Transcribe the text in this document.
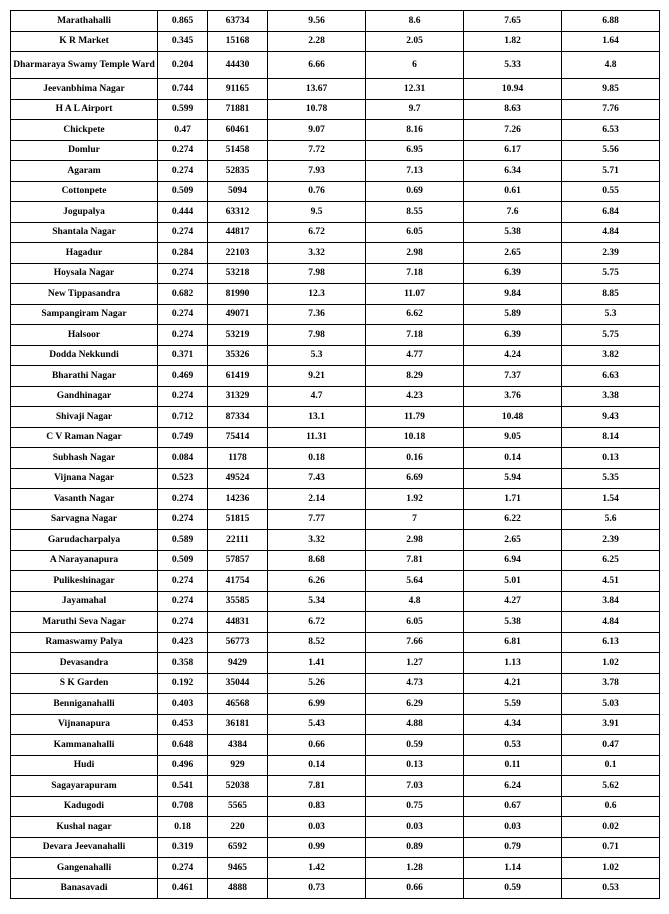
Marathahalli	0.865	63734	9.56	8.6	7.65	6.88
K R Market	0.345	15168	2.28	2.05	1.82	1.64
Dharmaraya Swamy Temple Ward	0.204	44430	6.66	6	5.33	4.8
Jeevanbhima Nagar	0.744	91165	13.67	12.31	10.94	9.85
H A L Airport	0.599	71881	10.78	9.7	8.63	7.76
Chickpete	0.47	60461	9.07	8.16	7.26	6.53
Domlur	0.274	51458	7.72	6.95	6.17	5.56
Agaram	0.274	52835	7.93	7.13	6.34	5.71
Cottonpete	0.509	5094	0.76	0.69	0.61	0.55
Jogupalya	0.444	63312	9.5	8.55	7.6	6.84
Shantala Nagar	0.274	44817	6.72	6.05	5.38	4.84
Hagadur	0.284	22103	3.32	2.98	2.65	2.39
Hoysala Nagar	0.274	53218	7.98	7.18	6.39	5.75
New Tippasandra	0.682	81990	12.3	11.07	9.84	8.85
Sampangiram Nagar	0.274	49071	7.36	6.62	5.89	5.3
Halsoor	0.274	53219	7.98	7.18	6.39	5.75
Dodda Nekkundi	0.371	35326	5.3	4.77	4.24	3.82
Bharathi Nagar	0.469	61419	9.21	8.29	7.37	6.63
Gandhinagar	0.274	31329	4.7	4.23	3.76	3.38
Shivaji Nagar	0.712	87334	13.1	11.79	10.48	9.43
C V Raman Nagar	0.749	75414	11.31	10.18	9.05	8.14
Subhash Nagar	0.084	1178	0.18	0.16	0.14	0.13
Vijnana Nagar	0.523	49524	7.43	6.69	5.94	5.35
Vasanth Nagar	0.274	14236	2.14	1.92	1.71	1.54
Sarvagna Nagar	0.274	51815	7.77	7	6.22	5.6
Garudacharpalya	0.589	22111	3.32	2.98	2.65	2.39
A Narayanapura	0.509	57857	8.68	7.81	6.94	6.25
Pulikeshinagar	0.274	41754	6.26	5.64	5.01	4.51
Jayamahal	0.274	35585	5.34	4.8	4.27	3.84
Maruthi Seva Nagar	0.274	44831	6.72	6.05	5.38	4.84
Ramaswamy Palya	0.423	56773	8.52	7.66	6.81	6.13
Devasandra	0.358	9429	1.41	1.27	1.13	1.02
S K Garden	0.192	35044	5.26	4.73	4.21	3.78
Benniganahalli	0.403	46568	6.99	6.29	5.59	5.03
Vijnanapura	0.453	36181	5.43	4.88	4.34	3.91
Kammanahalli	0.648	4384	0.66	0.59	0.53	0.47
Hudi	0.496	929	0.14	0.13	0.11	0.1
Sagayarapuram	0.541	52038	7.81	7.03	6.24	5.62
Kadugodi	0.708	5565	0.83	0.75	0.67	0.6
Kushal nagar	0.18	220	0.03	0.03	0.03	0.02
Devara Jeevanahalli	0.319	6592	0.99	0.89	0.79	0.71
Gangenahalli	0.274	9465	1.42	1.28	1.14	1.02
Banasavadi	0.461	4888	0.73	0.66	0.59	0.53
